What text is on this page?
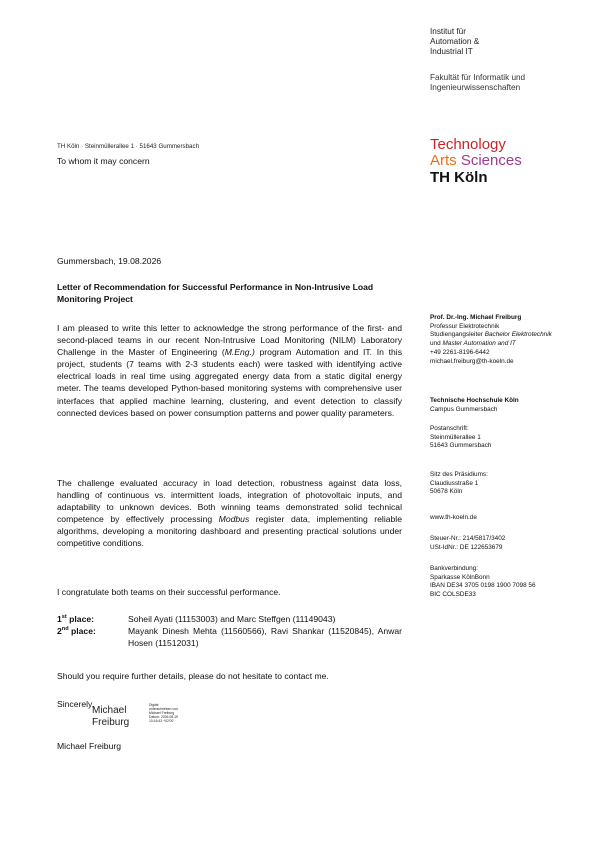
Institut für
Automation &
Industrial IT
Fakultät für Informatik und
Ingenieurwissenschaften
Technology
Arts Sciences
TH Köln
TH Köln · Steinmüllerallee 1 · 51643 Gummersbach
To whom it may concern
Gummersbach, 19.08.2026
Letter of Recommendation for Successful Performance in Non-Intrusive Load Monitoring Project
I am pleased to write this letter to acknowledge the strong performance of the first- and second-placed teams in our recent Non-Intrusive Load Monitoring (NILM) Laboratory Challenge in the Master of Engineering (M.Eng.) program Automation and IT. In this project, students (7 teams with 2-3 students each) were tasked with identifying active electrical loads in real time using aggregated energy data from a static digital energy meter. The teams developed Python-based monitoring systems with comprehensive user interfaces that applied machine learning, clustering, and event detection to classify connected devices based on power consumption patterns and power quality parameters.
The challenge evaluated accuracy in load detection, robustness against data loss, handling of continuous vs. intermittent loads, integration of photovoltaic inputs, and adaptability to unknown devices. Both winning teams demonstrated solid technical competence by effectively processing Modbus register data, implementing reliable algorithms, developing a monitoring dashboard and presenting practical solutions under competitive conditions.
I congratulate both teams on their successful performance.
1st place:	Soheil Ayati (11153003) and Marc Steffgen (11149043)
2nd place:	Mayank Dinesh Mehta (11560566), Ravi Shankar (11520845), Anwar Hosen (11512031)
Should you require further details, please do not hesitate to contact me.
Sincerely,
Michael
Freiburg
Digital
unterschrieben von
Michael Freiburg
Datum: 2026.08.19
10:16:43 +02'00'
Michael Freiburg
Prof. Dr.-Ing. Michael Freiburg
Professur Elektrotechnik
Studiengangsleiter Bachelor Elektrotechnik
und Master Automation and IT
+49 2261-8196-6442
michael.freiburg@th-koeln.de
Technische Hochschule Köln
Campus Gummersbach
Postanschrift:
Steinmüllerallee 1
51643 Gummersbach
Sitz des Präsidiums:
Claudiusstraße 1
50678 Köln
www.th-koeln.de
Steuer-Nr.: 214/5817/3402
USt-IdNr.: DE 122653679
Bankverbindung:
Sparkasse KölnBonn
IBAN DE34 3705 0198 1900 7098 56
BIC COLSDE33
